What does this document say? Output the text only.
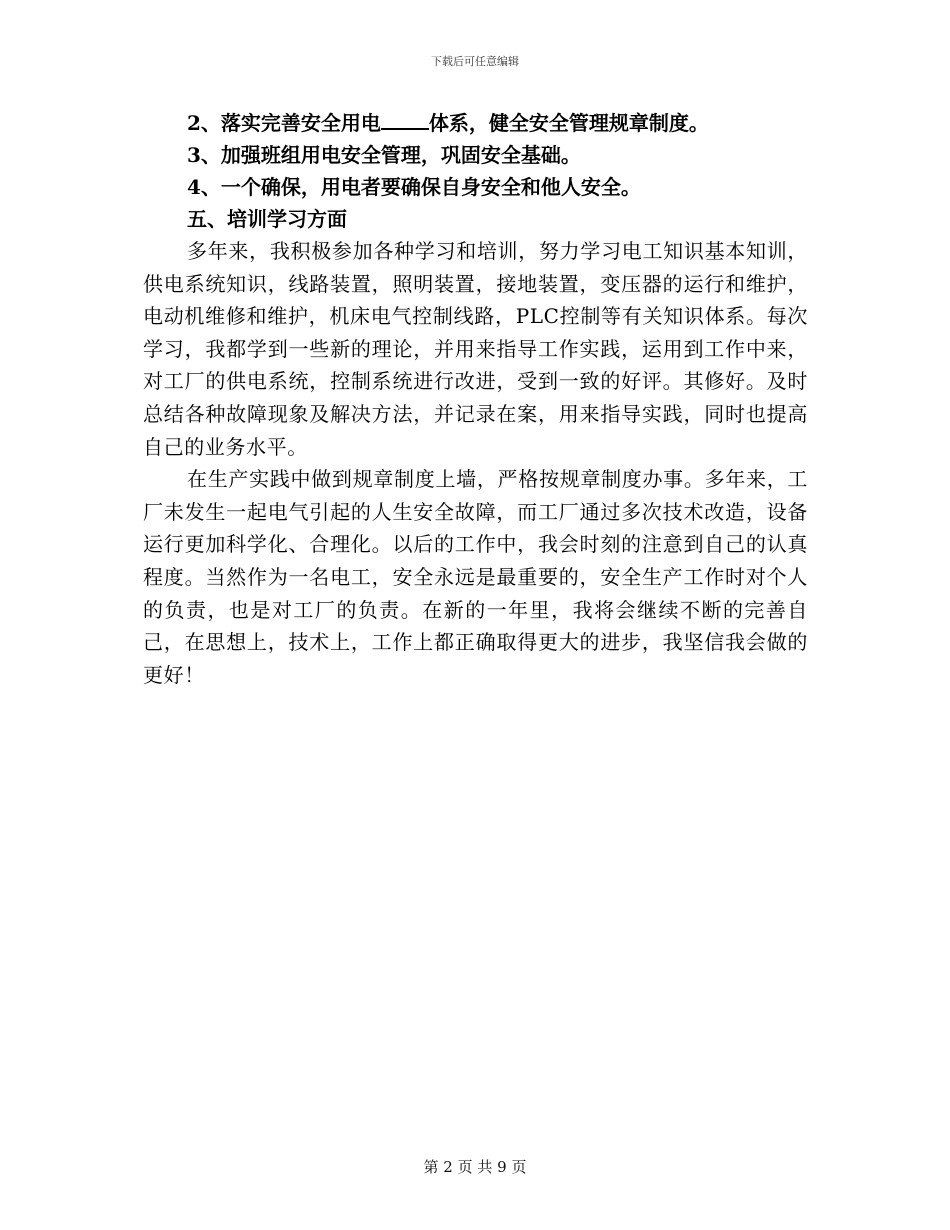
下载后可任意编辑
2、落实完善安全用电 体系，健全安全管理规章制度。
3、加强班组用电安全管理，巩固安全基础。
4、一个确保，用电者要确保自身安全和他人安全。
五、培训学习方面

多年来，我积极参加各种学习和培训，努力学习电工知识基本知训，供电系统知识，线路装置，照明装置，接地装置，变压器的运行和维护，电动机维修和维护，机床电气控制线路，PLC控制等有关知识体系。每次学习，我都学到一些新的理论，并用来指导工作实践，运用到工作中来，对工厂的供电系统，控制系统进行改进，受到一致的好评。其修好。及时总结各种故障现象及解决方法，并记录在案，用来指导实践，同时也提高自己的业务水平。

在生产实践中做到规章制度上墙，严格按规章制度办事。多年来，工厂未发生一起电气引起的人生安全故障，而工厂通过多次技术改造，设备运行更加科学化、合理化。以后的工作中，我会时刻的注意到自己的认真程度。当然作为一名电工，安全永远是最重要的，安全生产工作时对个人的负责，也是对工厂的负责。在新的一年里，我将会继续不断的完善自己，在思想上，技术上，工作上都正确取得更大的进步，我坚信我会做的更好！

第 2 页 共 9 页
